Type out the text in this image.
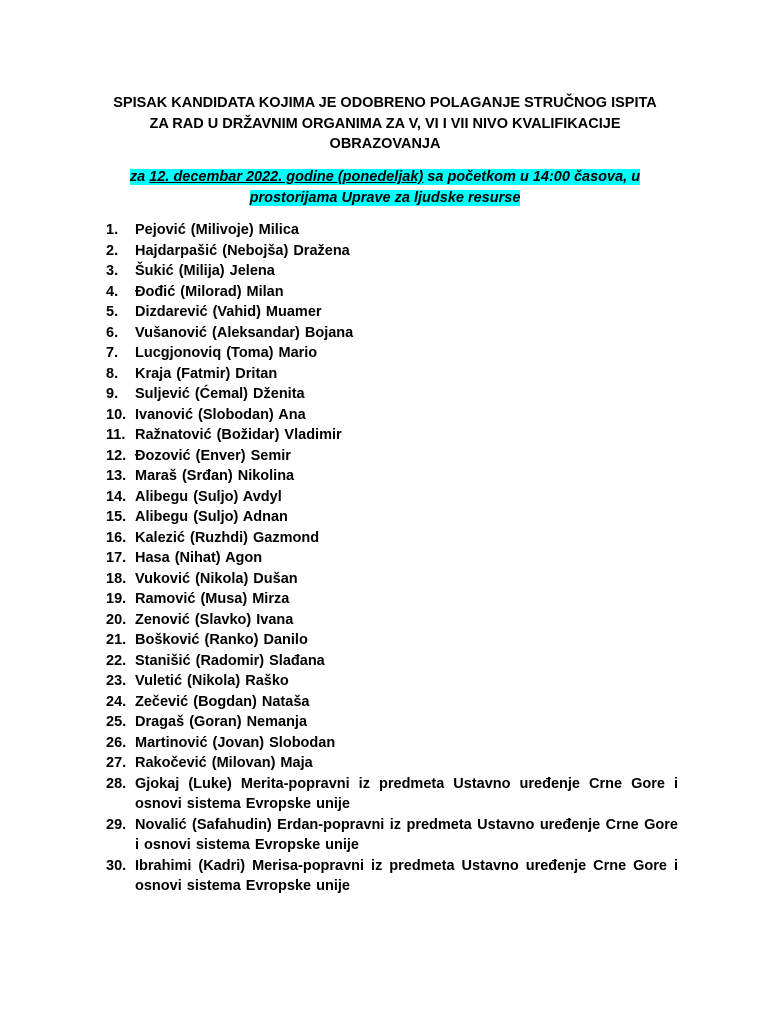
SPISAK KANDIDATA KOJIMA JE ODOBRENO POLAGANJE STRUČNOG ISPITA
ZA RAD U DRŽAVNIM ORGANIMA ZA V, VI I VII NIVO KVALIFIKACIJE
OBRAZOVANJA
za 12. decembar 2022. godine (ponedeljak) sa početkom u 14:00 časova, u
prostorijama Uprave za ljudske resurse
1.	Pejović (Milivoje) Milica
2.	Hajdarpašić (Nebojša) Dražena
3.	Šukić (Milija) Jelena
4.	Đođić (Milorad) Milan
5.	Dizdarević (Vahid) Muamer
6.	Vušanović (Aleksandar) Bojana
7.	Lucgjonoviq (Toma) Mario
8.	Kraja (Fatmir) Dritan
9.	Suljević (Ćemal) Dženita
10. Ivanović (Slobodan) Ana
11. Ražnatović (Božidar) Vladimir
12. Đozović (Enver) Semir
13. Maraš (Srđan) Nikolina
14. Alibegu (Suljo) Avdyl
15. Alibegu (Suljo) Adnan
16. Kalezić (Ruzhdi) Gazmond
17. Hasa (Nihat) Agon
18. Vuković (Nikola) Dušan
19. Ramović (Musa) Mirza
20. Zenović (Slavko) Ivana
21. Bošković (Ranko) Danilo
22. Stanišić (Radomir) Slađana
23. Vuletić (Nikola) Raško
24. Zečević (Bogdan) Nataša
25. Dragaš (Goran) Nemanja
26. Martinović (Jovan) Slobodan
27. Rakočević (Milovan) Maja
28. Gjokaj (Luke) Merita-popravni iz predmeta Ustavno uređenje Crne Gore i osnovi sistema Evropske unije
29. Novalić (Safahudin) Erdan-popravni iz predmeta Ustavno uređenje Crne Gore i osnovi sistema Evropske unije
30. Ibrahimi (Kadri) Merisa-popravni iz predmeta Ustavno uređenje Crne Gore i osnovi sistema Evropske unije
